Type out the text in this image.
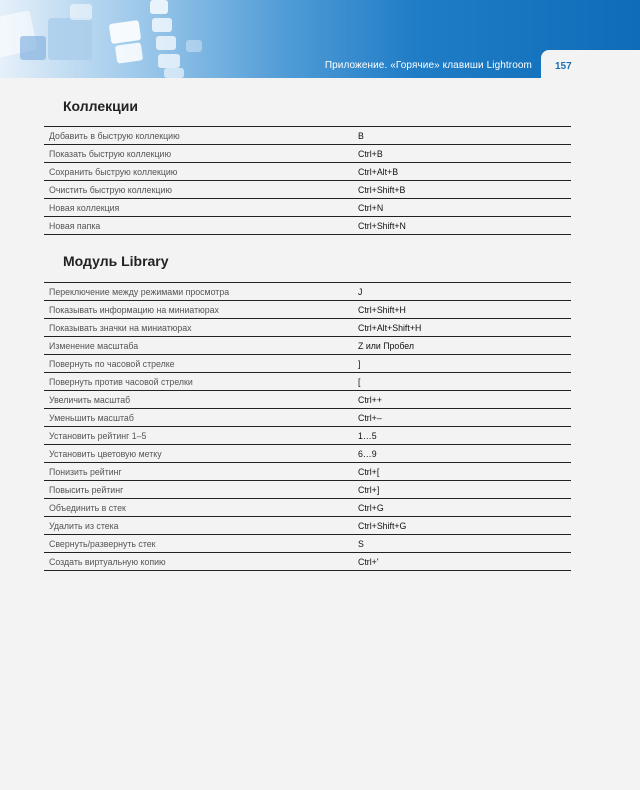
Приложение. «Горячие» клавиши Lightroom 157
Коллекции
Добавить в быструю коллекцию	B
Показать быструю коллекцию	Ctrl+B
Сохранить быструю коллекцию	Ctrl+Alt+B
Очистить быструю коллекцию	Ctrl+Shift+B
Новая коллекция	Ctrl+N
Новая папка	Ctrl+Shift+N
Модуль Library
Переключение между режимами просмотра	J
Показывать информацию на миниатюрах	Ctrl+Shift+H
Показывать значки на миниатюрах	Ctrl+Alt+Shift+H
Изменение масштаба	Z или Пробел
Повернуть по часовой стрелке	]
Повернуть против часовой стрелки	[
Увеличить масштаб	Ctrl++
Уменьшить масштаб	Ctrl+–
Установить рейтинг 1–5	1…5
Установить цветовую метку	6…9
Понизить рейтинг	Ctrl+[
Повысить рейтинг	Ctrl+]
Объединить в стек	Ctrl+G
Удалить из стека	Ctrl+Shift+G
Свернуть/развернуть стек	S
Создать виртуальную копию	Ctrl+'
